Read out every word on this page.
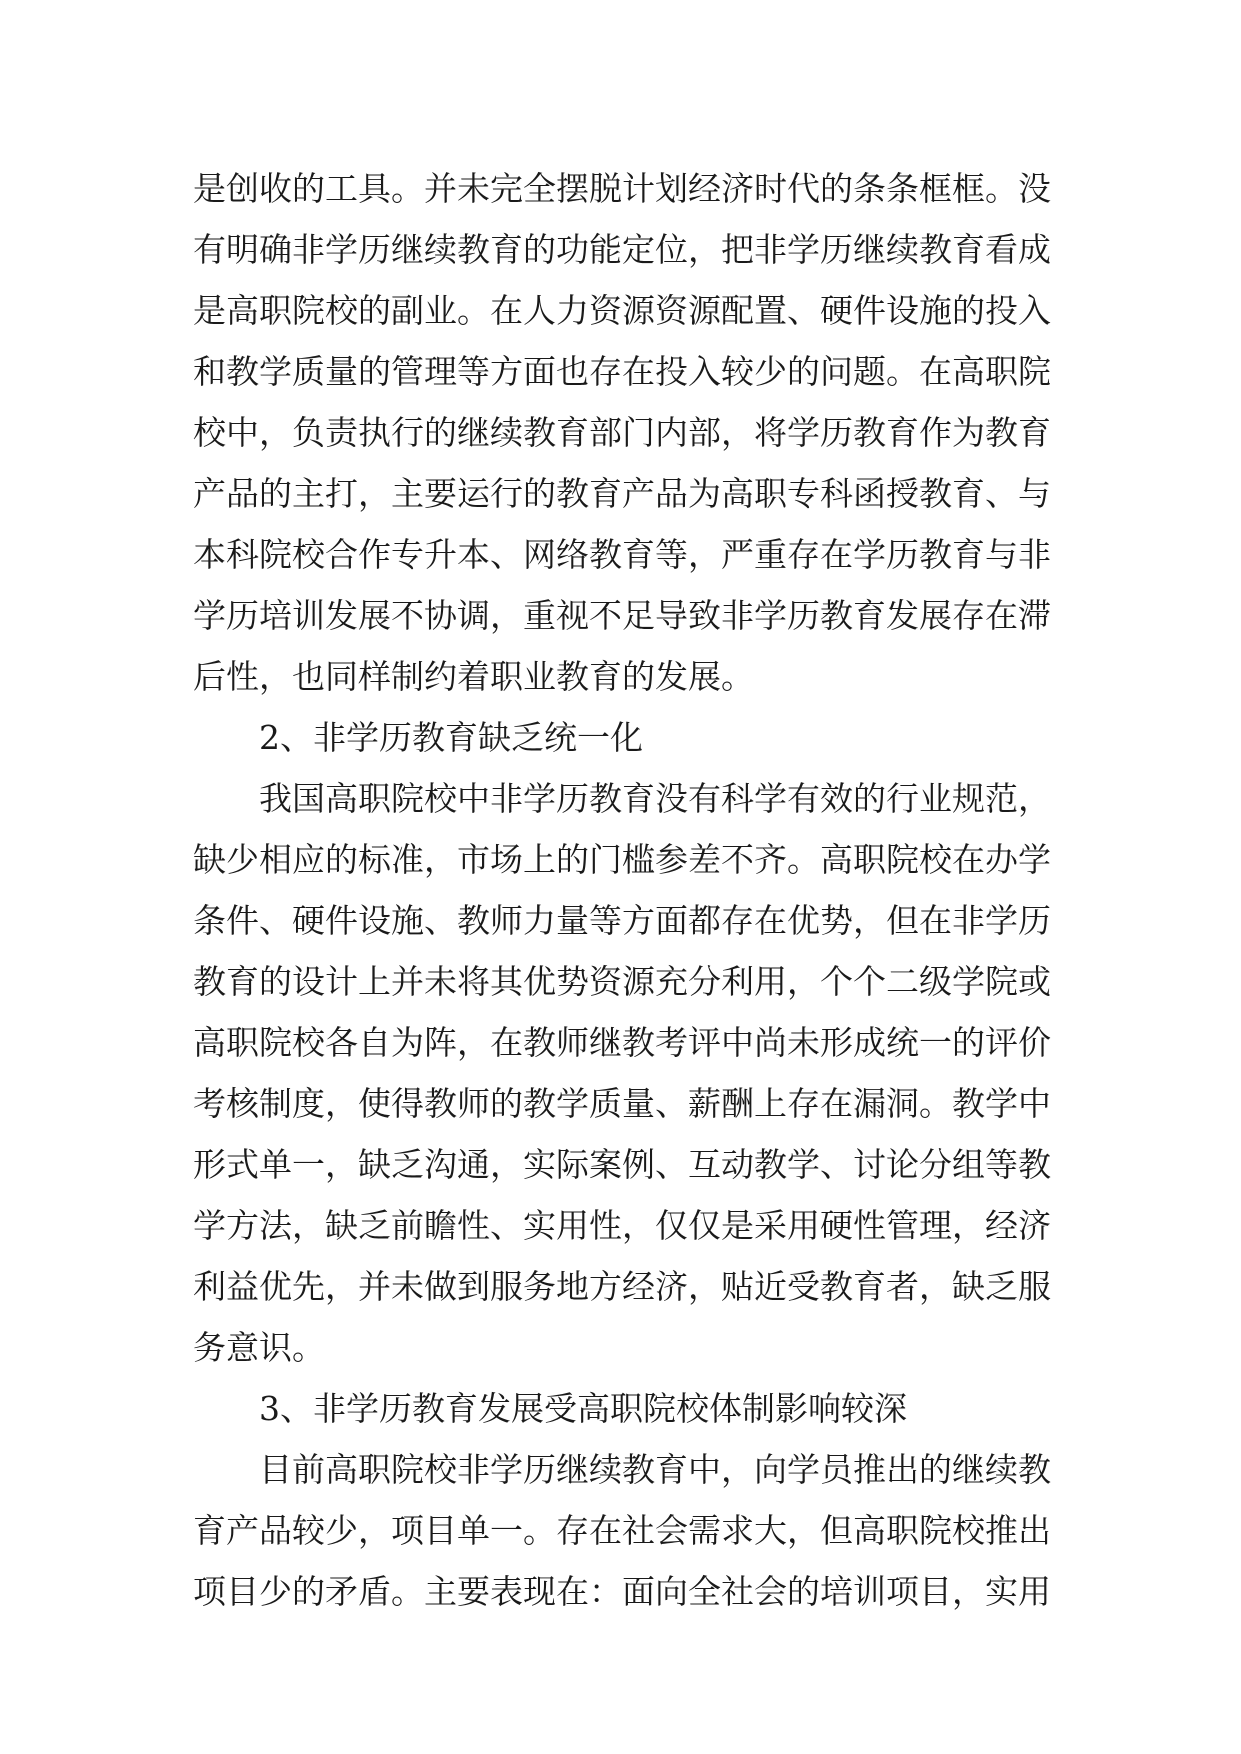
是创收的工具。并未完全摆脱计划经济时代的条条框框。没
有明确非学历继续教育的功能定位，把非学历继续教育看成
是高职院校的副业。在人力资源资源配置、硬件设施的投入
和教学质量的管理等方面也存在投入较少的问题。在高职院
校中，负责执行的继续教育部门内部，将学历教育作为教育
产品的主打，主要运行的教育产品为高职专科函授教育、与
本科院校合作专升本、网络教育等，严重存在学历教育与非
学历培训发展不协调，重视不足导致非学历教育发展存在滞
后性，也同样制约着职业教育的发展。
2、非学历教育缺乏统一化
我国高职院校中非学历教育没有科学有效的行业规范，
缺少相应的标准，市场上的门槛参差不齐。高职院校在办学
条件、硬件设施、教师力量等方面都存在优势，但在非学历
教育的设计上并未将其优势资源充分利用，个个二级学院或
高职院校各自为阵，在教师继教考评中尚未形成统一的评价
考核制度，使得教师的教学质量、薪酬上存在漏洞。教学中
形式单一，缺乏沟通，实际案例、互动教学、讨论分组等教
学方法，缺乏前瞻性、实用性，仅仅是采用硬性管理，经济
利益优先，并未做到服务地方经济，贴近受教育者，缺乏服
务意识。
3、非学历教育发展受高职院校体制影响较深
目前高职院校非学历继续教育中，向学员推出的继续教
育产品较少，项目单一。存在社会需求大，但高职院校推出
项目少的矛盾。主要表现在：面向全社会的培训项目，实用
